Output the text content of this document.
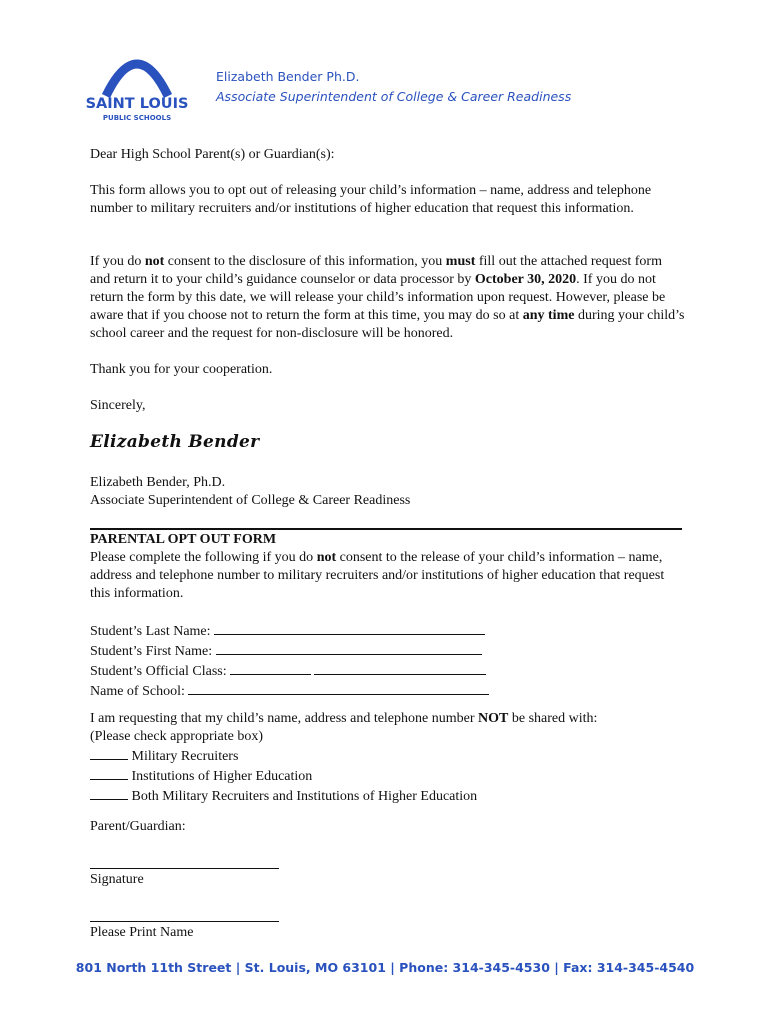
SAINT LOUIS
PUBLIC SCHOOLS
Elizabeth Bender Ph.D.
Associate Superintendent of College & Career Readiness

Dear High School Parent(s) or Guardian(s):

This form allows you to opt out of releasing your child’s information – name, address and telephone number to military recruiters and/or institutions of higher education that request this information.

If you do not consent to the disclosure of this information, you must fill out the attached request form and return it to your child’s guidance counselor or data processor by October 30, 2020. If you do not return the form by this date, we will release your child’s information upon request. However, please be aware that if you choose not to return the form at this time, you may do so at any time during your child’s school career and the request for non-disclosure will be honored.

Thank you for your cooperation.

Sincerely,

Elizabeth Bender

Elizabeth Bender, Ph.D.

Associate Superintendent of College & Career Readiness

PARENTAL OPT OUT FORM

Please complete the following if you do not consent to the release of your child’s information – name, address and telephone number to military recruiters and/or institutions of higher education that request this information.

Student’s Last Name:

Student’s First Name:

Student’s Official Class:

Name of School:

I am requesting that my child’s name, address and telephone number NOT be shared with:

(Please check appropriate box)

Military Recruiters

Institutions of Higher Education

Both Military Recruiters and Institutions of Higher Education

Parent/Guardian:

Signature

Please Print Name

801 North 11th Street | St. Louis, MO 63101 | Phone: 314-345-4530 | Fax: 314-345-4540
